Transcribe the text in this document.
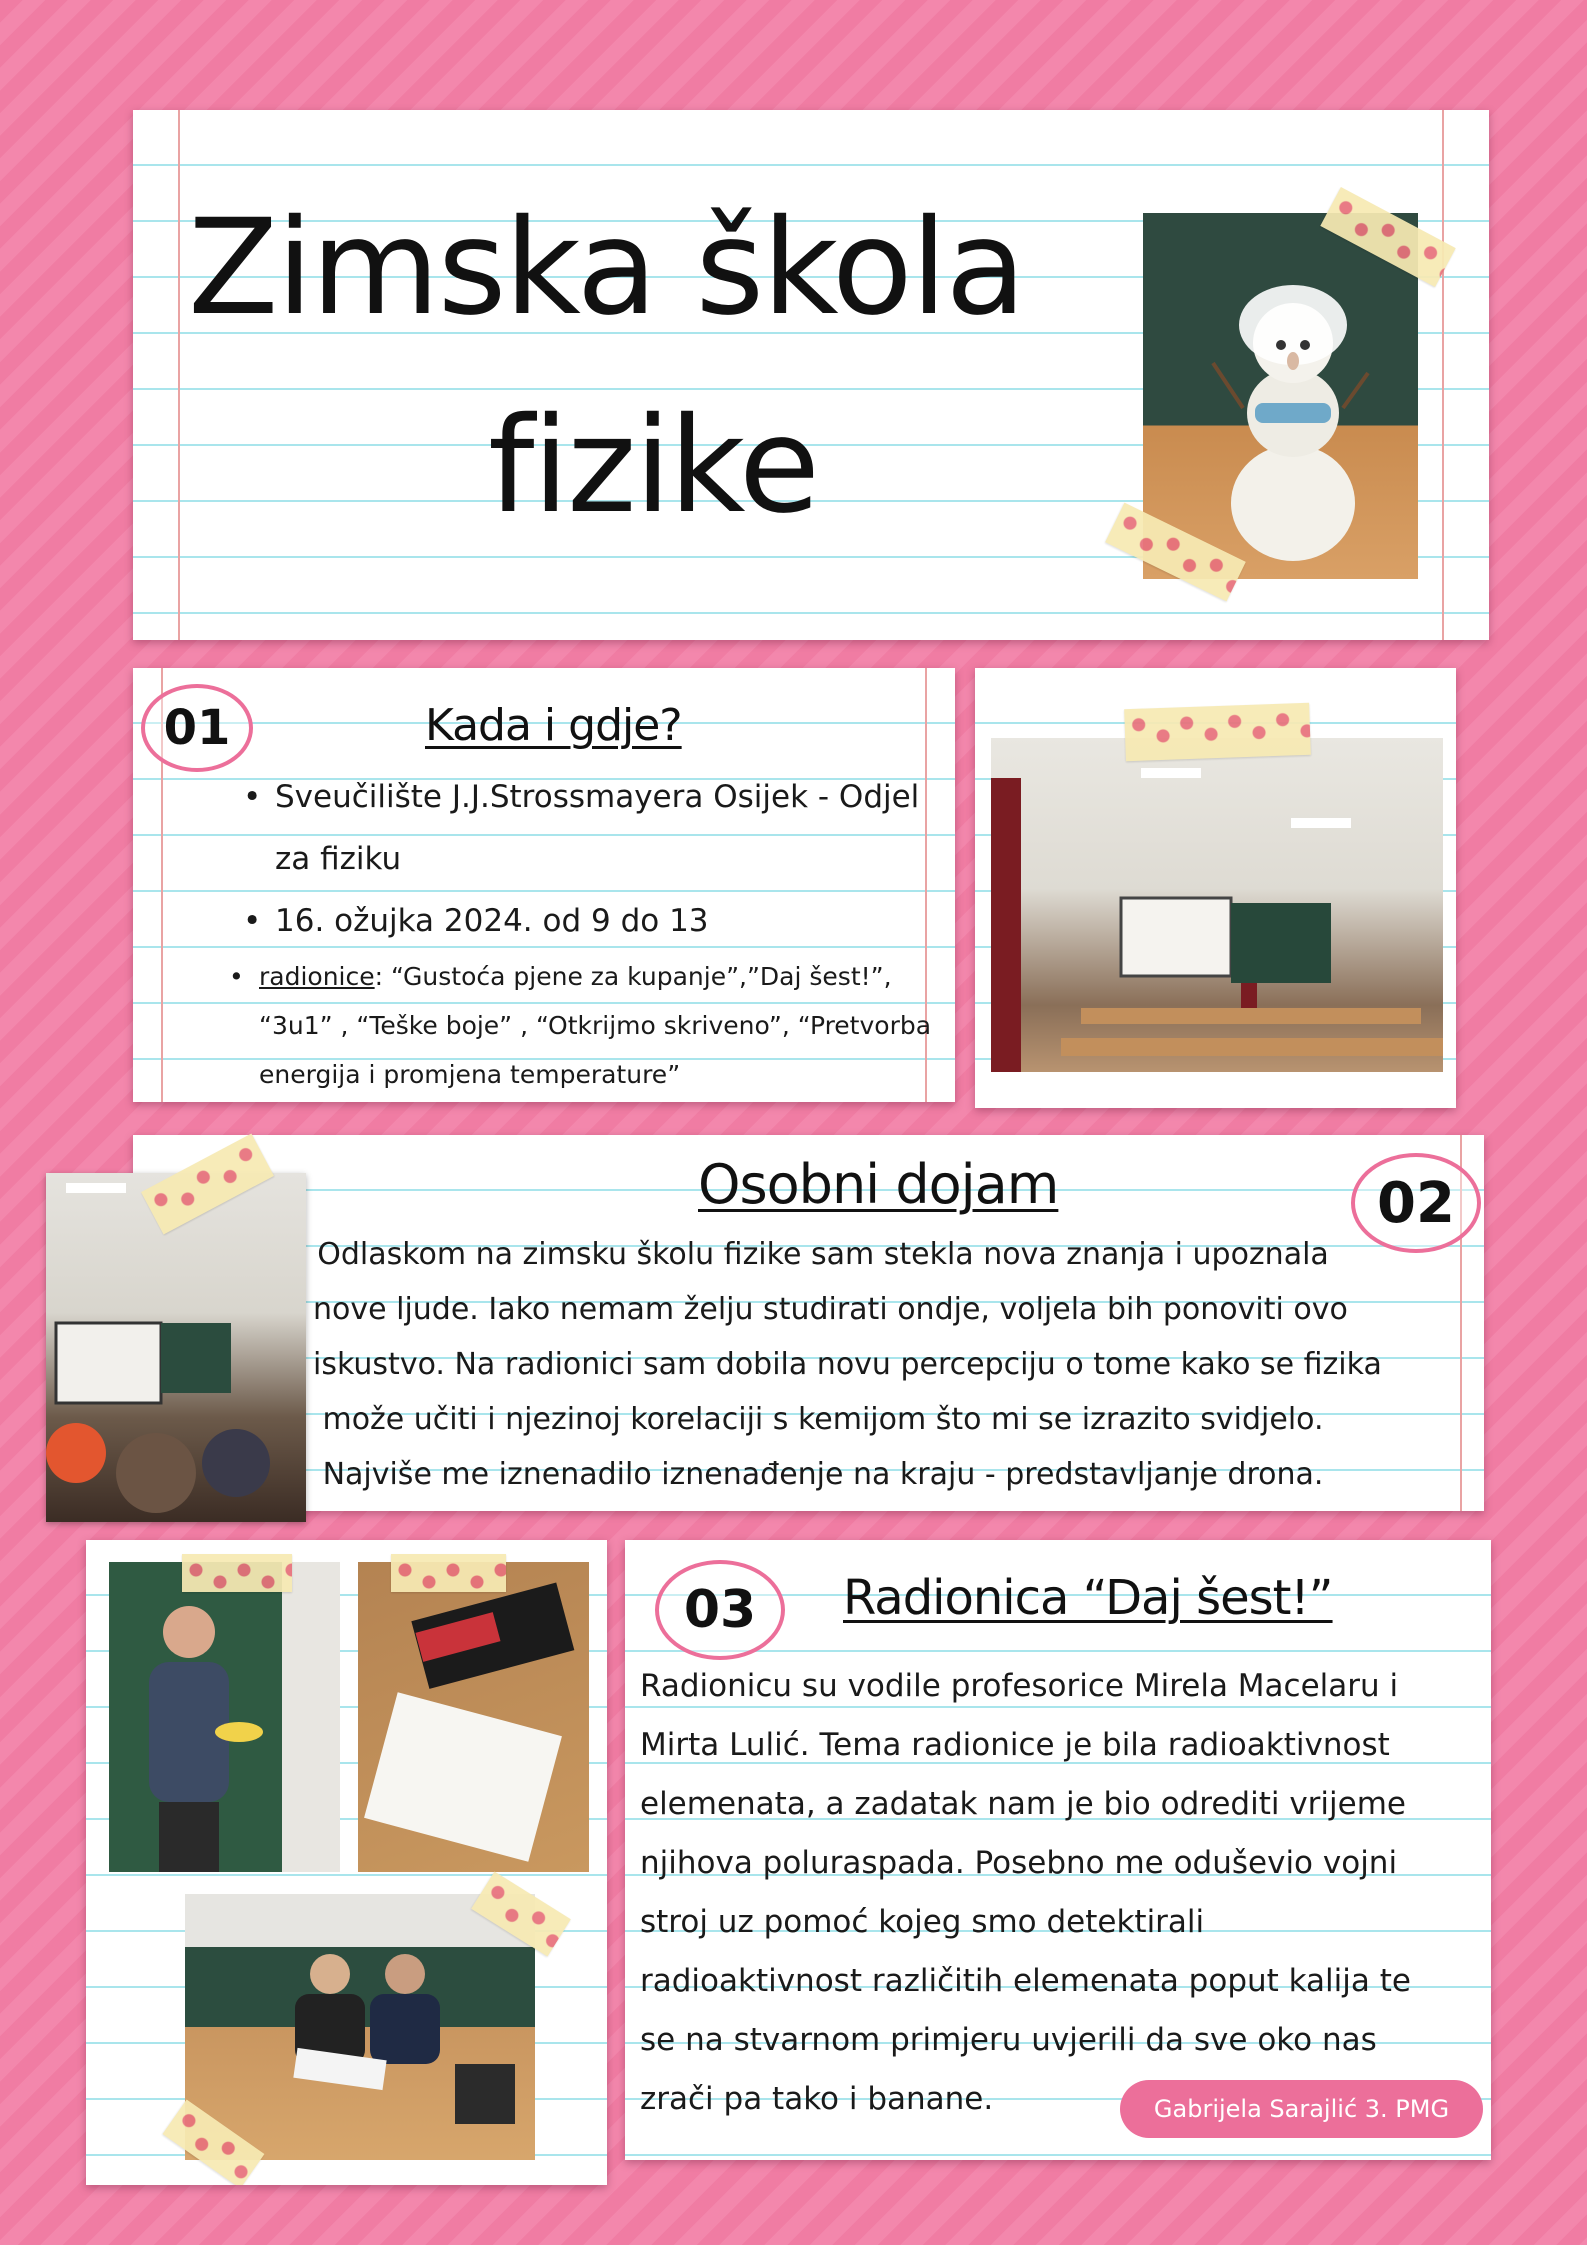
Zimska škola
fizike
01	Kada i gdje?
• Sveučilište J.J.Strossmayera Osijek - Odjel za fiziku
• 16. ožujka 2024. od 9 do 13
• radionice: “Gustoća pjene za kupanje”,”Daj šest!”, “3u1” , “Teške boje” , “Otkrijmo skriveno”, “Pretvorba energija i promjena temperature”
Osobni dojam	02
Odlaskom na zimsku školu fizike sam stekla nova znanja i upoznala
nove ljude. Iako nemam želju studirati ondje, voljela bih ponoviti ovo
iskustvo. Na radionici sam dobila novu percepciju o tome kako se fizika
može učiti i njezinoj korelaciji s kemijom što mi se izrazito svidjelo.
Najviše me iznenadilo iznenađenje na kraju - predstavljanje drona.
03	Radionica “Daj šest!”
Radionicu su vodile profesorice Mirela Macelaru i
Mirta Lulić. Tema radionice je bila radioaktivnost
elemenata, a zadatak nam je bio odrediti vrijeme
njihova poluraspada. Posebno me oduševio vojni
stroj uz pomoć kojeg smo detektirali
radioaktivnost različitih elemenata poput kalija te
se na stvarnom primjeru uvjerili da sve oko nas
zrači pa tako i banane.	Gabrijela Sarajlić 3. PMG
